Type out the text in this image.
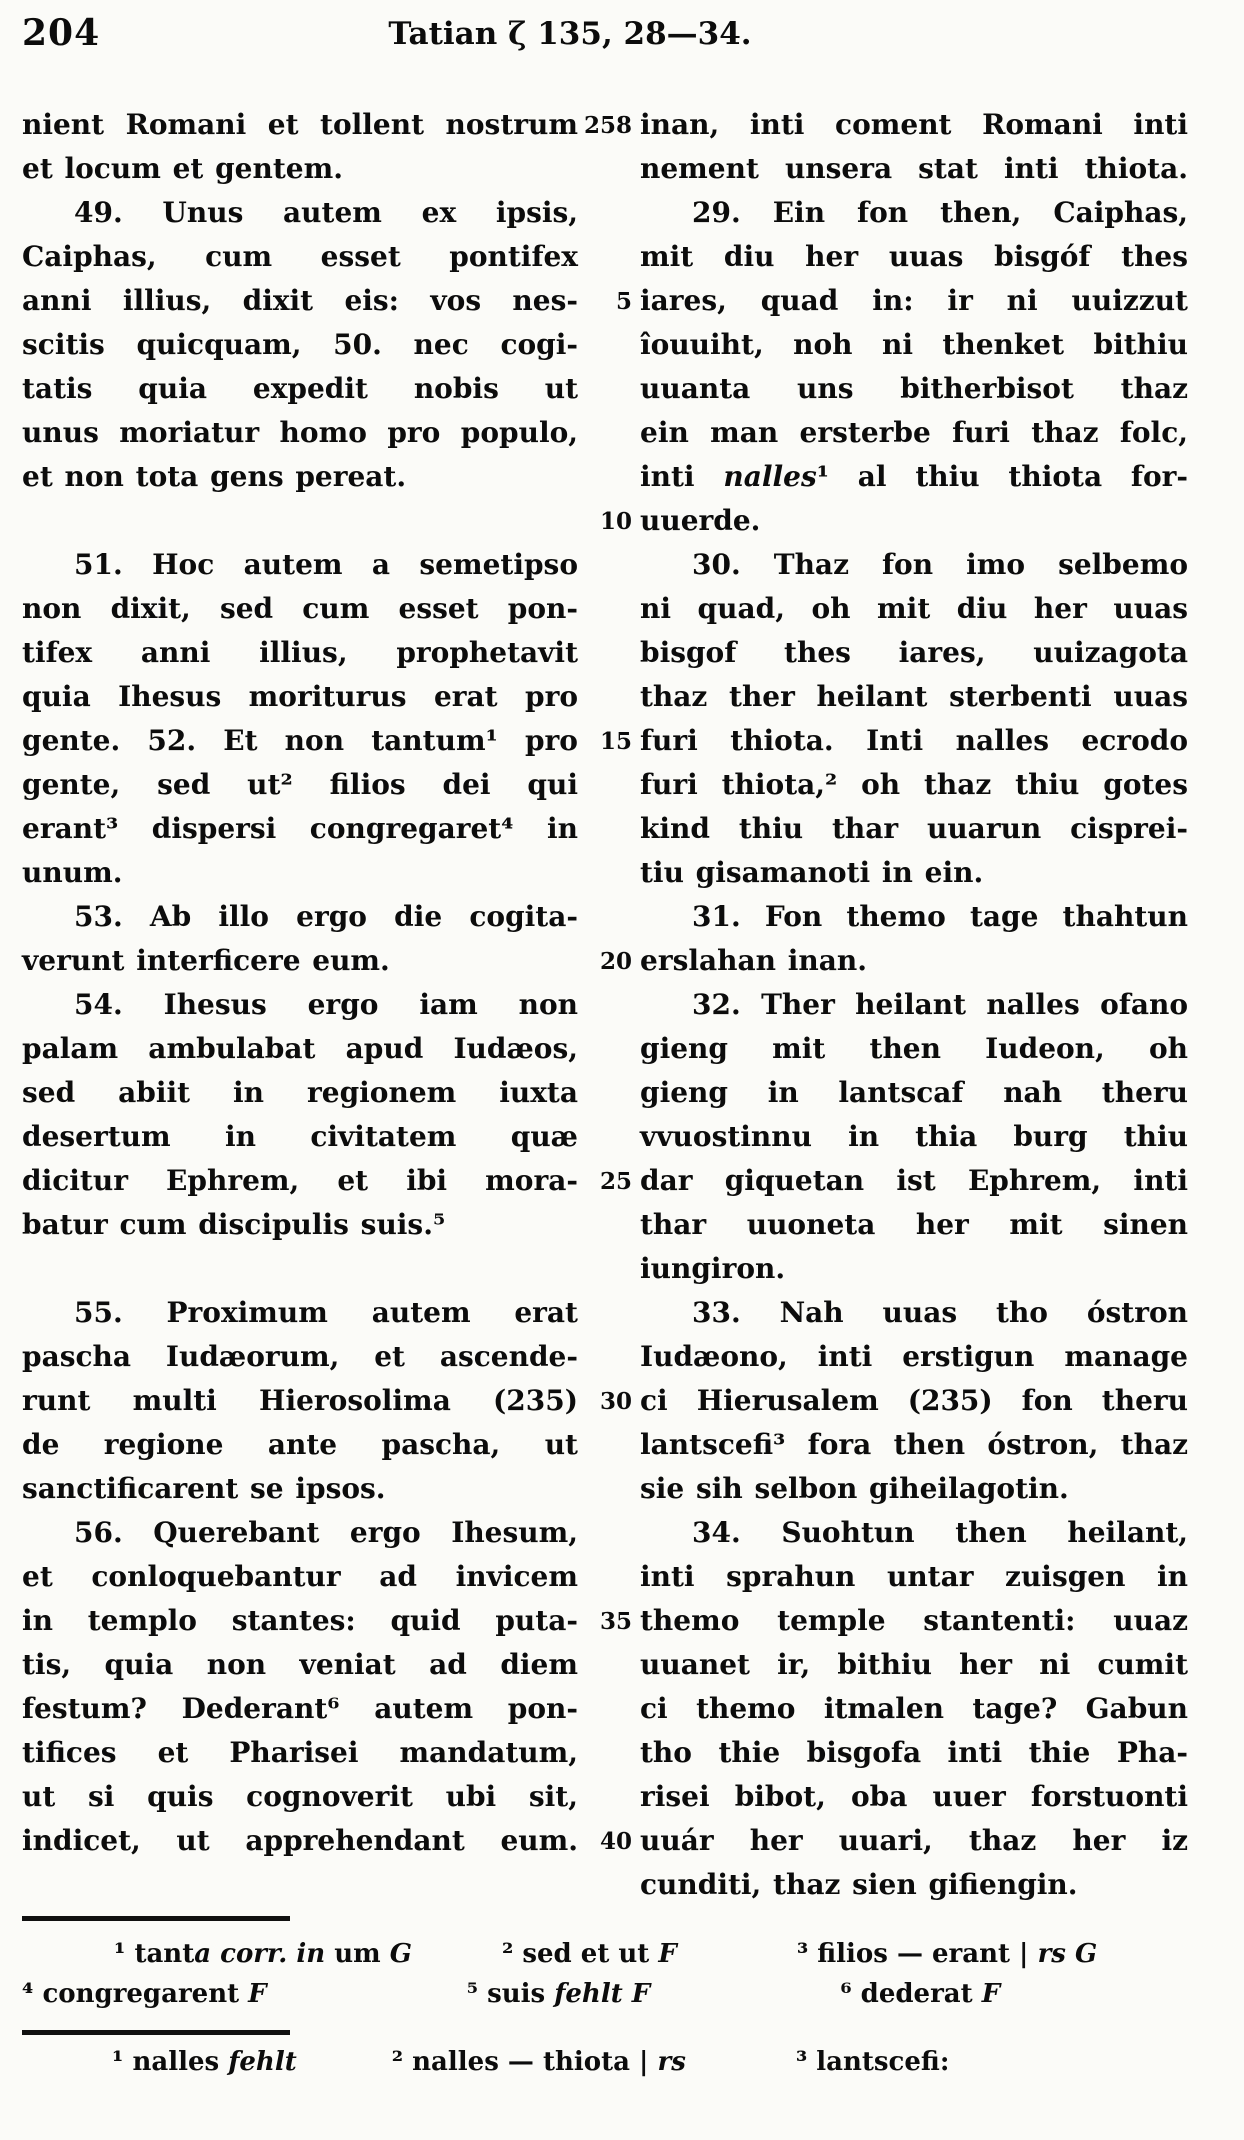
204	Tatian ζ 135, 28—34.
nient Romani et tollent nostrum
et locum et gentem.
49. Unus autem ex ipsis,
Caiphas, cum esset pontifex
anni illius, dixit eis: vos nes-
scitis quicquam, 50. nec cogi-
tatis quia expedit nobis ut
unus moriatur homo pro populo,
et non tota gens pereat.

51. Hoc autem a semetipso
non dixit, sed cum esset pon-
tifex anni illius, prophetavit
quia Ihesus moriturus erat pro
gente. 52. Et non tantum¹ pro
gente, sed ut² filios dei qui
erant³ dispersi congregaret⁴ in
unum.
53. Ab illo ergo die cogita-
verunt interficere eum.
54. Ihesus ergo iam non
palam ambulabat apud Iudæos,
sed abiit in regionem iuxta
desertum in civitatem quæ
dicitur Ephrem, et ibi mora-
batur cum discipulis suis.⁵

55. Proximum autem erat
pascha Iudæorum, et ascende-
runt multi Hierosolima (235)
de regione ante pascha, ut
sanctificarent se ipsos.
56. Querebant ergo Ihesum,
et conloquebantur ad invicem
in templo stantes: quid puta-
tis, quia non veniat ad diem
festum? Dederant⁶ autem pon-
tifices et Pharisei mandatum,
ut si quis cognoverit ubi sit,
indicet, ut apprehendant eum.
258
5
10
15
20
25
30
35
40
inan, inti coment Romani inti
nement unsera stat inti thiota.
29. Ein fon then, Caiphas,
mit diu her uuas bisgóf thes
iares, quad in: ir ni uuizzut
îouuiht, noh ni thenket bithiu
uuanta uns bitherbisot thaz
ein man ersterbe furi thaz folc,
inti nalles¹ al thiu thiota for-
uuerde.
30. Thaz fon imo selbemo
ni quad, oh mit diu her uuas
bisgof thes iares, uuizagota
thaz ther heilant sterbenti uuas
furi thiota. Inti nalles ecrodo
furi thiota,² oh thaz thiu gotes
kind thiu thar uuarun cisprei-
tiu gisamanoti in ein.
31. Fon themo tage thahtun
erslahan inan.
32. Ther heilant nalles ofano
gieng mit then Iudeon, oh
gieng in lantscaf nah theru
vvuostinnu in thia burg thiu
dar giquetan ist Ephrem, inti
thar uuoneta her mit sinen
iungiron.
33. Nah uuas tho óstron
Iudæono, inti erstigun manage
ci Hierusalem (235) fon theru
lantscefi³ fora then óstron, thaz
sie sih selbon giheilagotin.
34. Suohtun then heilant,
inti sprahun untar zuisgen in
themo temple stantenti: uuaz
uuanet ir, bithiu her ni cumit
ci themo itmalen tage? Gabun
tho thie bisgofa inti thie Pha-
risei bibot, oba uuer forstuonti
uuár her uuari, thaz her iz
cunditi, thaz sien gifiengin.
¹ tanta corr. in um G	² sed et ut F	³ filios — erant | rs G
⁴ congregarent F	⁵ suis fehlt F	⁶ dederat F
¹ nalles fehlt	² nalles — thiota | rs	³ lantscefi:
